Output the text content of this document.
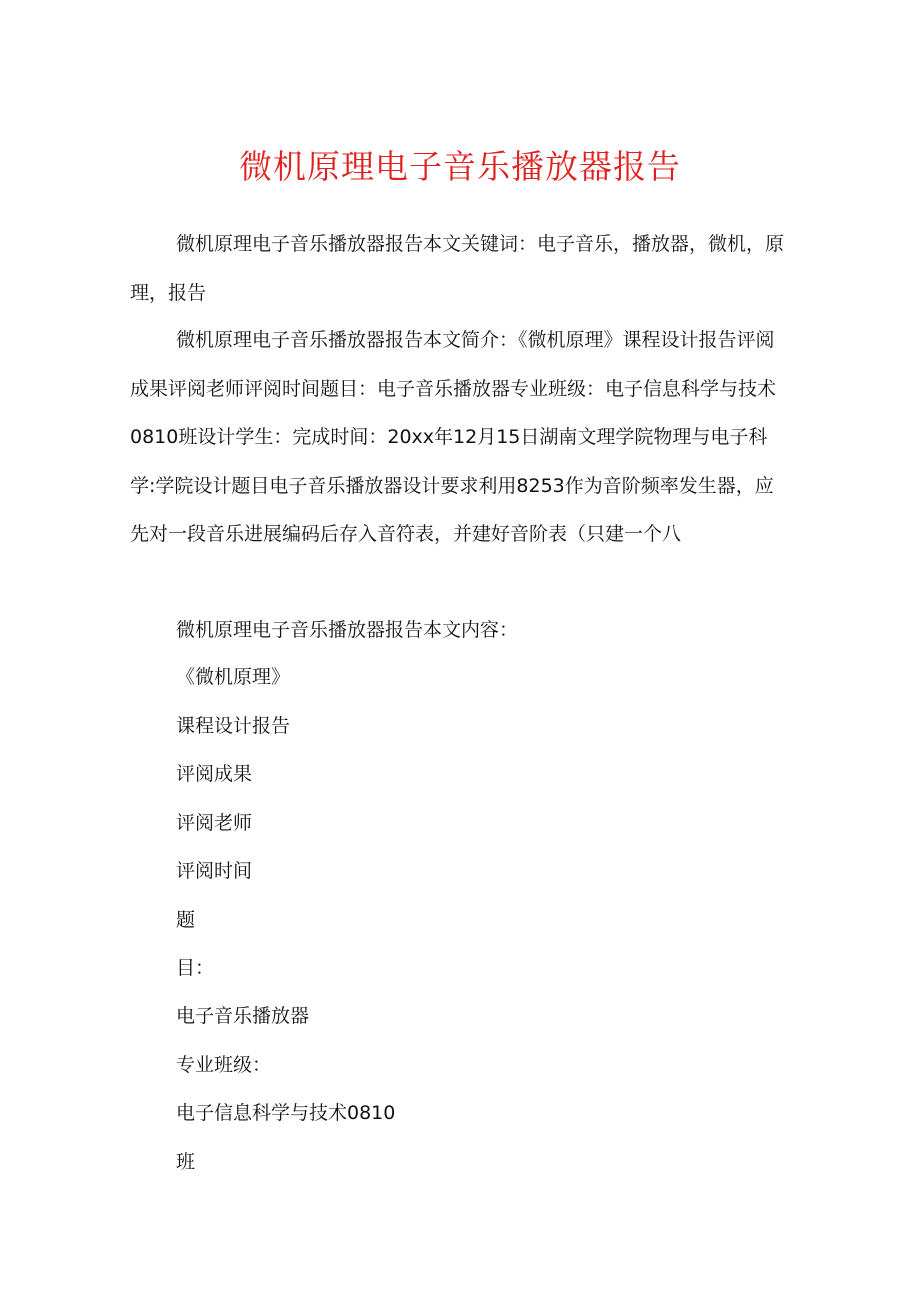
微机原理电子音乐播放器报告
微机原理电子音乐播放器报告本文关键词：电子音乐，播放器，微机，原理，报告
微机原理电子音乐播放器报告本文简介：《微机原理》课程设计报告评阅成果评阅老师评阅时间题目：电子音乐播放器专业班级：电子信息科学与技术0810班设计学生：完成时间：20xx年12月15日湖南文理学院物理与电子科学:学院设计题目电子音乐播放器设计要求利用8253作为音阶频率发生器，应先对一段音乐进展编码后存入音符表，并建好音阶表（只建一个八
微机原理电子音乐播放器报告本文内容：
《微机原理》
课程设计报告
评阅成果
评阅老师
评阅时间
题
目：
电子音乐播放器
专业班级：
电子信息科学与技术0810
班
